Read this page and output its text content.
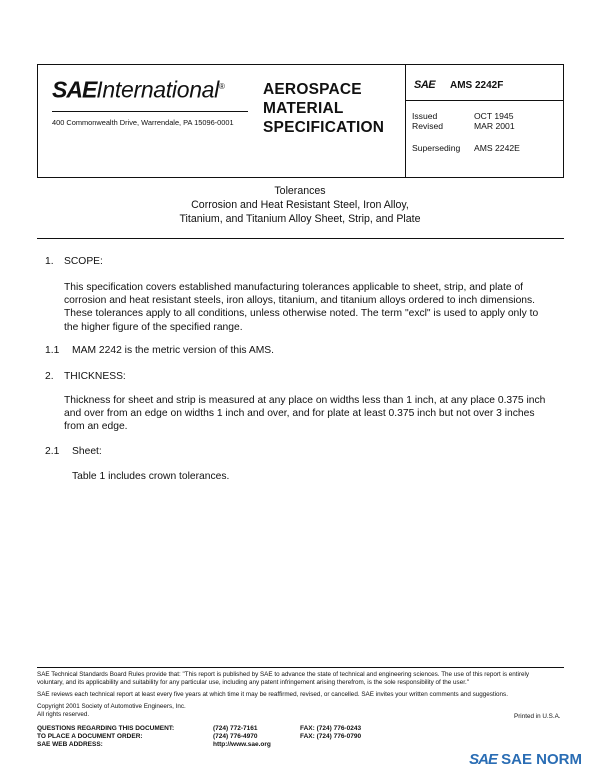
SAEInternational®
400 Commonwealth Drive, Warrendale, PA 15096-0001
AEROSPACE
MATERIAL
SPECIFICATION
SAE AMS 2242F
Issued	OCT 1945
Revised	MAR 2001
Superseding AMS 2242E
Tolerances
Corrosion and Heat Resistant Steel, Iron Alloy,
Titanium, and Titanium Alloy Sheet, Strip, and Plate
1. SCOPE:
This specification covers established manufacturing tolerances applicable to sheet, strip, and plate of corrosion and heat resistant steels, iron alloys, titanium, and titanium alloys ordered to inch dimensions. These tolerances apply to all conditions, unless otherwise noted. The term "excl" is used to apply only to the higher figure of the specified range.
1.1 MAM 2242 is the metric version of this AMS.
2. THICKNESS:
Thickness for sheet and strip is measured at any place on widths less than 1 inch, at any place 0.375 inch and over from an edge on widths 1 inch and over, and for plate at least 0.375 inch but not over 3 inches from an edge.
2.1 Sheet:
Table 1 includes crown tolerances.
SAE Technical Standards Board Rules provide that: "This report is published by SAE to advance the state of technical and engineering sciences. The use of this report is entirely
voluntary, and its applicability and suitability for any particular use, including any patent infringement arising therefrom, is the sole responsibility of the user."
SAE reviews each technical report at least every five years at which time it may be reaffirmed, revised, or cancelled. SAE invites your written comments and suggestions.
Copyright 2001 Society of Automotive Engineers, Inc.
All rights reserved.	Printed in U.S.A.
QUESTIONS REGARDING THIS DOCUMENT:	(724) 772-7161	FAX: (724) 776-0243
TO PLACE A DOCUMENT ORDER:	(724) 776-4970	FAX: (724) 776-0790
SAE WEB ADDRESS:	http://www.sae.org
SAE SAE NORM
